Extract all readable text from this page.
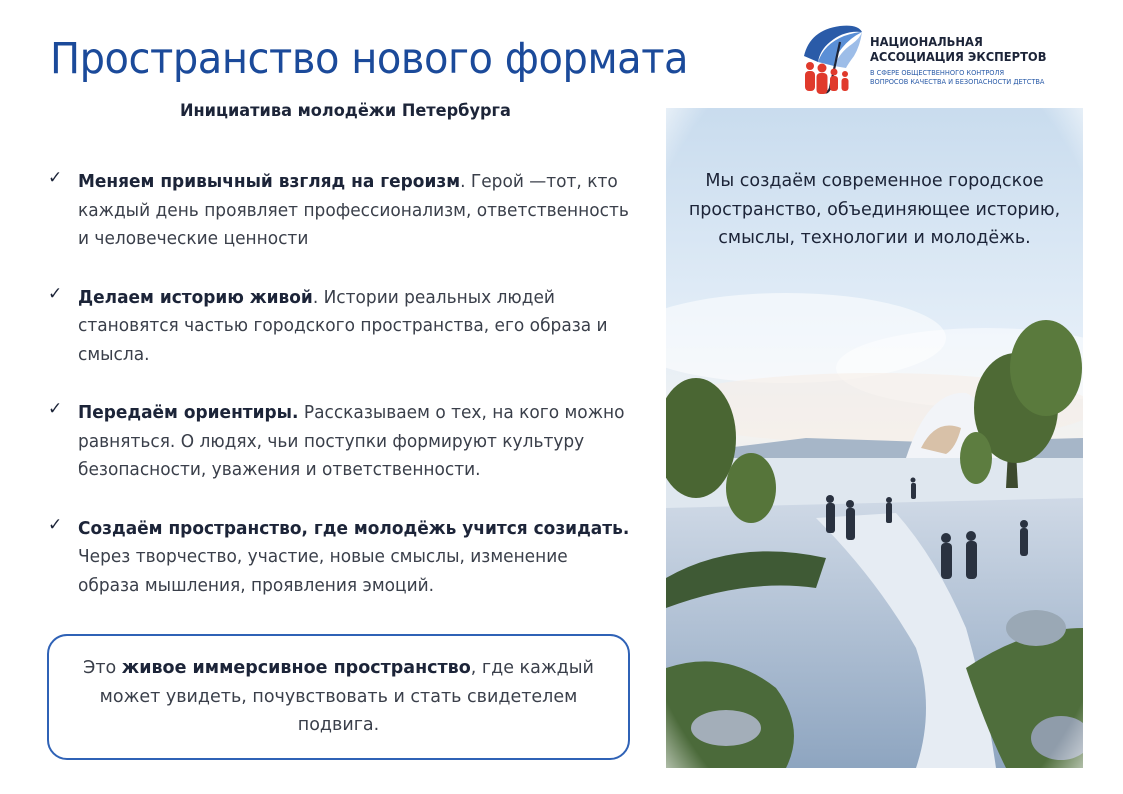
Пространство нового формата
Инициатива молодёжи Петербурга
НАЦИОНАЛЬНАЯ
АССОЦИАЦИЯ ЭКСПЕРТОВ
В СФЕРЕ ОБЩЕСТВЕННОГО КОНТРОЛЯ
ВОПРОСОВ КАЧЕСТВА И БЕЗОПАСНОСТИ ДЕТСТВА
✓ Меняем привычный взгляд на героизм. Герой —тот, кто каждый день проявляет профессионализм, ответственность и человеческие ценности
✓ Делаем историю живой. Истории реальных людей становятся частью городского пространства, его образа и смысла.
✓ Передаём ориентиры. Рассказываем о тех, на кого можно равняться. О людях, чьи поступки формируют культуру безопасности, уважения и ответственности.
✓ Создаём пространство, где молодёжь учится созидать. Через творчество, участие, новые смыслы, изменение образа мышления, проявления эмоций.
Это живое иммерсивное пространство, где каждый может увидеть, почувствовать и стать свидетелем подвига.
Мы создаём современное городское пространство, объединяющее историю, смыслы, технологии и молодёжь.
